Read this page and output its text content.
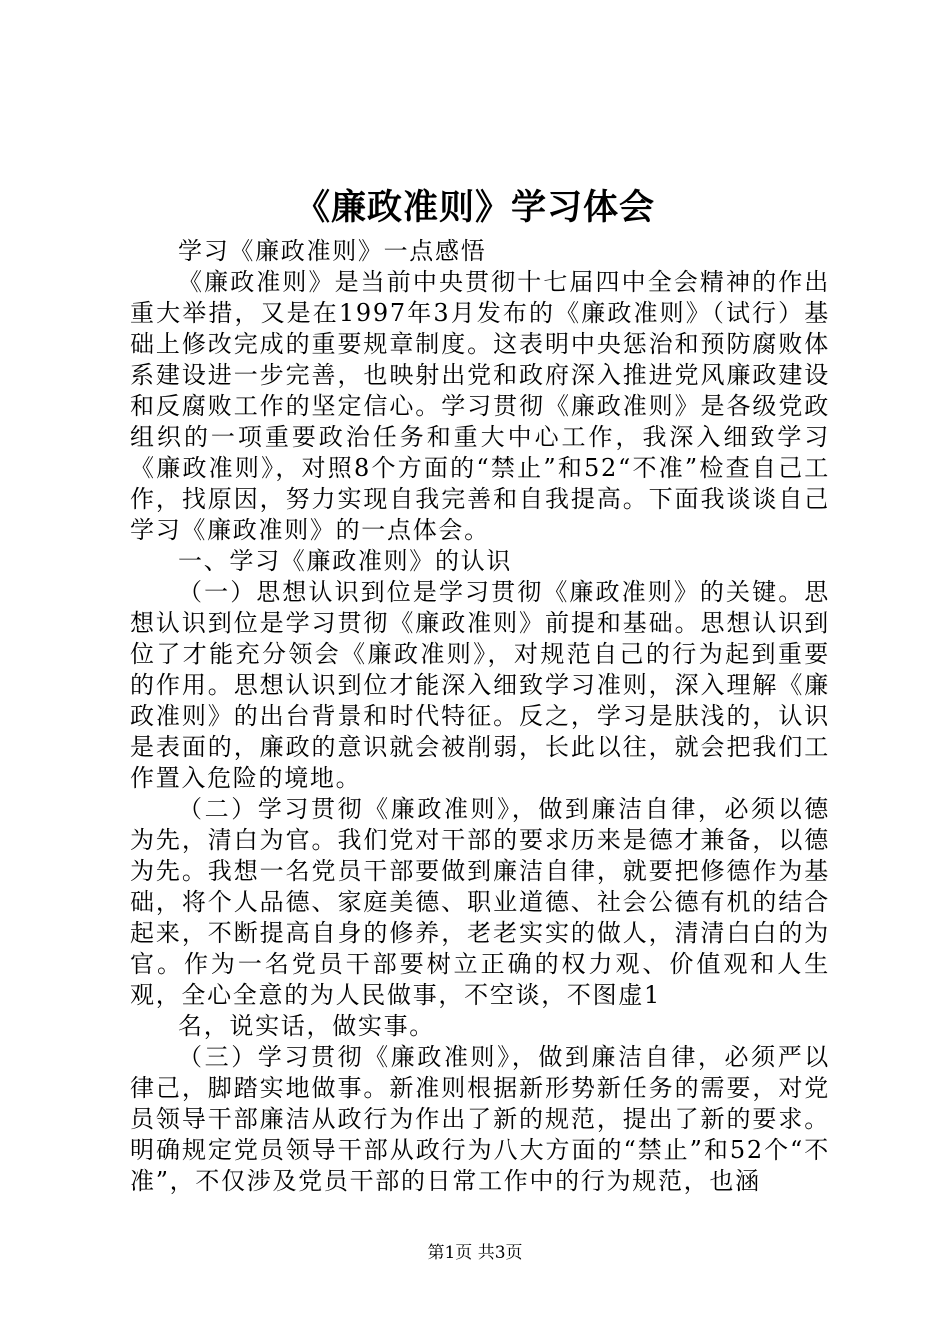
《廉政准则》学习体会

学习《廉政准则》一点感悟

《廉政准则》是当前中央贯彻十七届四中全会精神的作出重大举措，又是在1997年3月发布的《廉政准则》（试行）基础上修改完成的重要规章制度。这表明中央惩治和预防腐败体系建设进一步完善，也映射出党和政府深入推进党风廉政建设和反腐败工作的坚定信心。学习贯彻《廉政准则》是各级党政组织的一项重要政治任务和重大中心工作，我深入细致学习《廉政准则》，对照8个方面的“禁止”和52“不准”检查自己工作，找原因，努力实现自我完善和自我提高。下面我谈谈自己学习《廉政准则》的一点体会。

一、学习《廉政准则》的认识

（一）思想认识到位是学习贯彻《廉政准则》的关键。思想认识到位是学习贯彻《廉政准则》前提和基础。思想认识到位了才能充分领会《廉政准则》，对规范自己的行为起到重要的作用。思想认识到位才能深入细致学习准则，深入理解《廉政准则》的出台背景和时代特征。反之，学习是肤浅的，认识是表面的，廉政的意识就会被削弱，长此以往，就会把我们工作置入危险的境地。

（二）学习贯彻《廉政准则》，做到廉洁自律，必须以德为先，清白为官。我们党对干部的要求历来是德才兼备，以德为先。我想一名党员干部要做到廉洁自律，就要把修德作为基础，将个人品德、家庭美德、职业道德、社会公德有机的结合起来，不断提高自身的修养，老老实实的做人，清清白白的为官。作为一名党员干部要树立正确的权力观、价值观和人生观，全心全意的为人民做事，不空谈，不图虚1

名，说实话，做实事。

（三）学习贯彻《廉政准则》，做到廉洁自律，必须严以律己，脚踏实地做事。新准则根据新形势新任务的需要，对党员领导干部廉洁从政行为作出了新的规范，提出了新的要求。明确规定党员领导干部从政行为八大方面的“禁止”和52个“不准”，不仅涉及党员干部的日常工作中的行为规范，也涵

第1页 共3页
